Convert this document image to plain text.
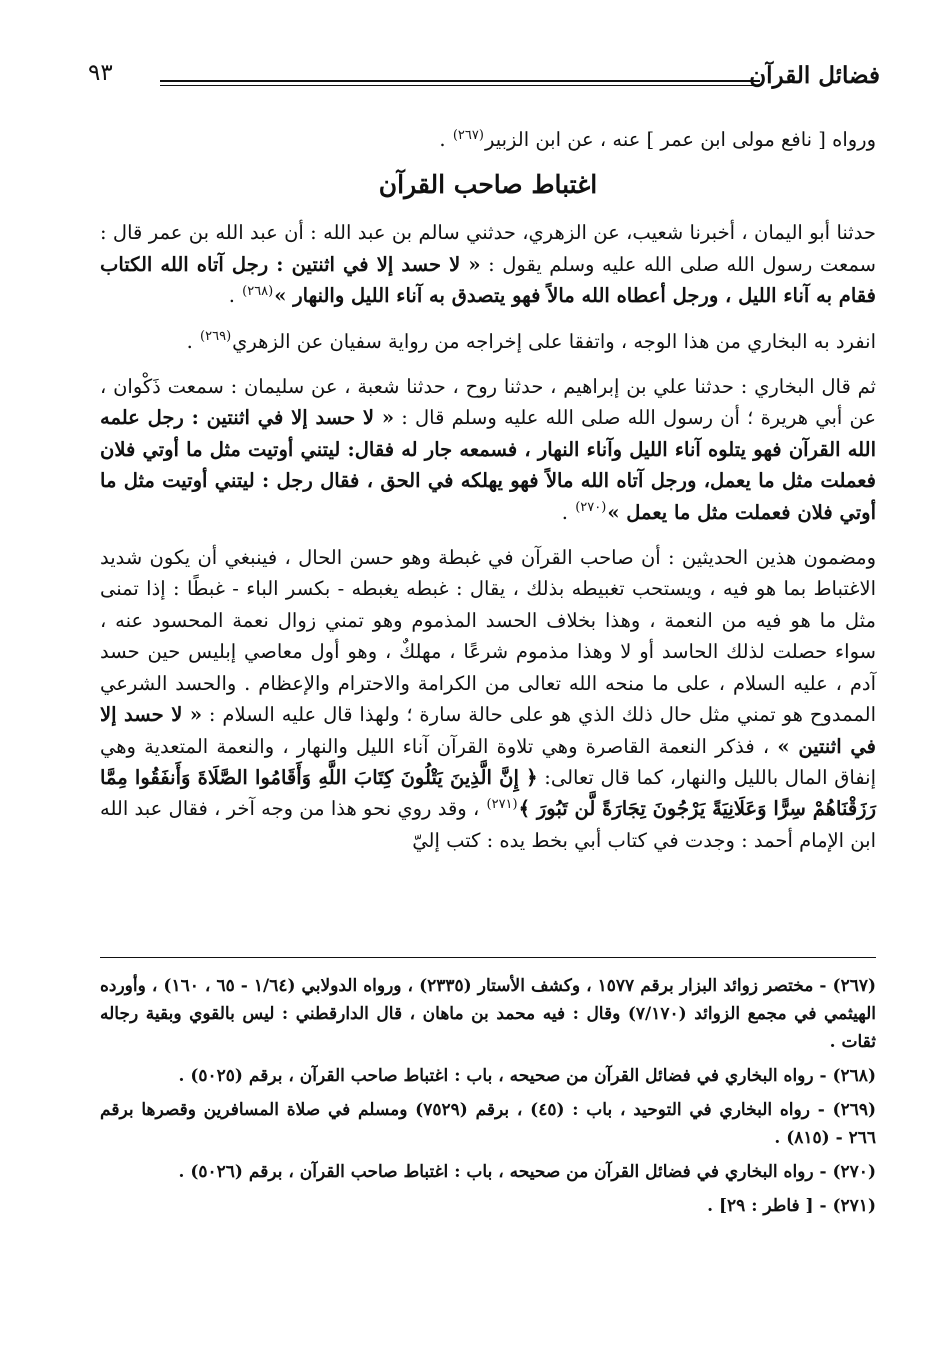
فضائل القرآن
٩٣

ورواه [ نافع مولى ابن عمر ] عنه ، عن ابن الزبير$^{(٢٦٧)}$ .

اغتباط صاحب القرآن

حدثنا أبو اليمان ، أخبرنا شعيب، عن الزهري، حدثني سالم بن عبد الله : أن عبد الله بن عمر قال : سمعت رسول الله صلى الله عليه وسلم يقول : « لا حسد إلا في اثنتين : رجل آتاه الله الكتاب فقام به آناء الليل ، ورجل أعطاه الله مالاً فهو يتصدق به آناء الليل والنهار »$^{(٢٦٨)}$ .

انفرد به البخاري من هذا الوجه ، واتفقا على إخراجه من رواية سفيان عن الزهري$^{(٢٦٩)}$ .

ثم قال البخاري : حدثنا علي بن إبراهيم ، حدثنا روح ، حدثنا شعبة ، عن سليمان : سمعت ذَكْوان ، عن أبي هريرة ؛ أن رسول الله صلى الله عليه وسلم قال : « لا حسد إلا في اثنتين : رجل علمه الله القرآن فهو يتلوه آناء الليل وآناء النهار ، فسمعه جار له فقال: ليتني أوتيت مثل ما أوتي فلان فعملت مثل ما يعمل، ورجل آتاه الله مالاً فهو يهلكه في الحق ، فقال رجل : ليتني أوتيت مثل ما أوتي فلان فعملت مثل ما يعمل »$^{(٢٧٠)}$ .

ومضمون هذين الحديثين : أن صاحب القرآن في غبطة وهو حسن الحال ، فينبغي أن يكون شديد الاغتباط بما هو فيه ، ويستحب تغبيطه بذلك ، يقال : غبطه يغبطه - بكسر الباء - غبطًا : إذا تمنى مثل ما هو فيه من النعمة ، وهذا بخلاف الحسد المذموم وهو تمني زوال نعمة المحسود عنه ، سواء حصلت لذلك الحاسد أو لا وهذا مذموم شرعًا ، مهلكٌ ، وهو أول معاصي إبليس حين حسد آدم ، عليه السلام ، على ما منحه الله تعالى من الكرامة والاحترام والإعظام . والحسد الشرعي الممدوح هو تمني مثل حال ذلك الذي هو على حالة سارة ؛ ولهذا قال عليه السلام : « لا حسد إلا في اثنتين » ، فذكر النعمة القاصرة وهي تلاوة القرآن آناء الليل والنهار ، والنعمة المتعدية وهي إنفاق المال بالليل والنهار، كما قال تعالى: ﴿ إِنَّ الَّذِينَ يَتْلُونَ كِتَابَ اللَّهِ وَأَقَامُوا الصَّلَاةَ وَأَنفَقُوا مِمَّا رَزَقْنَاهُمْ سِرًّا وَعَلَانِيَةً يَرْجُونَ تِجَارَةً لَّن تَبُورَ ﴾$^{(٢٧١)}$ ، وقد روي نحو هذا من وجه آخر ، فقال عبد الله ابن الإمام أحمد : وجدت في كتاب أبي بخط يده : كتب إليّ

(٢٦٧) - مختصر زوائد البزار برقم ١٥٧٧ ، وكشف الأستار (٢٣٣٥) ، ورواه الدولابي (١/٦٤ - ٦٥ ، ١٦٠) ، وأورده الهيثمي في مجمع الزوائد (٧/١٧٠) وقال : فيه محمد بن ماهان ، قال الدارقطني : ليس بالقوي وبقية رجاله ثقات .

(٢٦٨) - رواه البخاري في فضائل القرآن من صحيحه ، باب : اغتباط صاحب القرآن ، برقم (٥٠٢٥) .

(٢٦٩) - رواه البخاري في التوحيد ، باب : (٤٥) ، برقم (٧٥٢٩) ومسلم في صلاة المسافرين وقصرها برقم ٢٦٦ - (٨١٥) .

(٢٧٠) - رواه البخاري في فضائل القرآن من صحيحه ، باب : اغتباط صاحب القرآن ، برقم (٥٠٢٦) .

(٢٧١) - [ فاطر : ٢٩] .
